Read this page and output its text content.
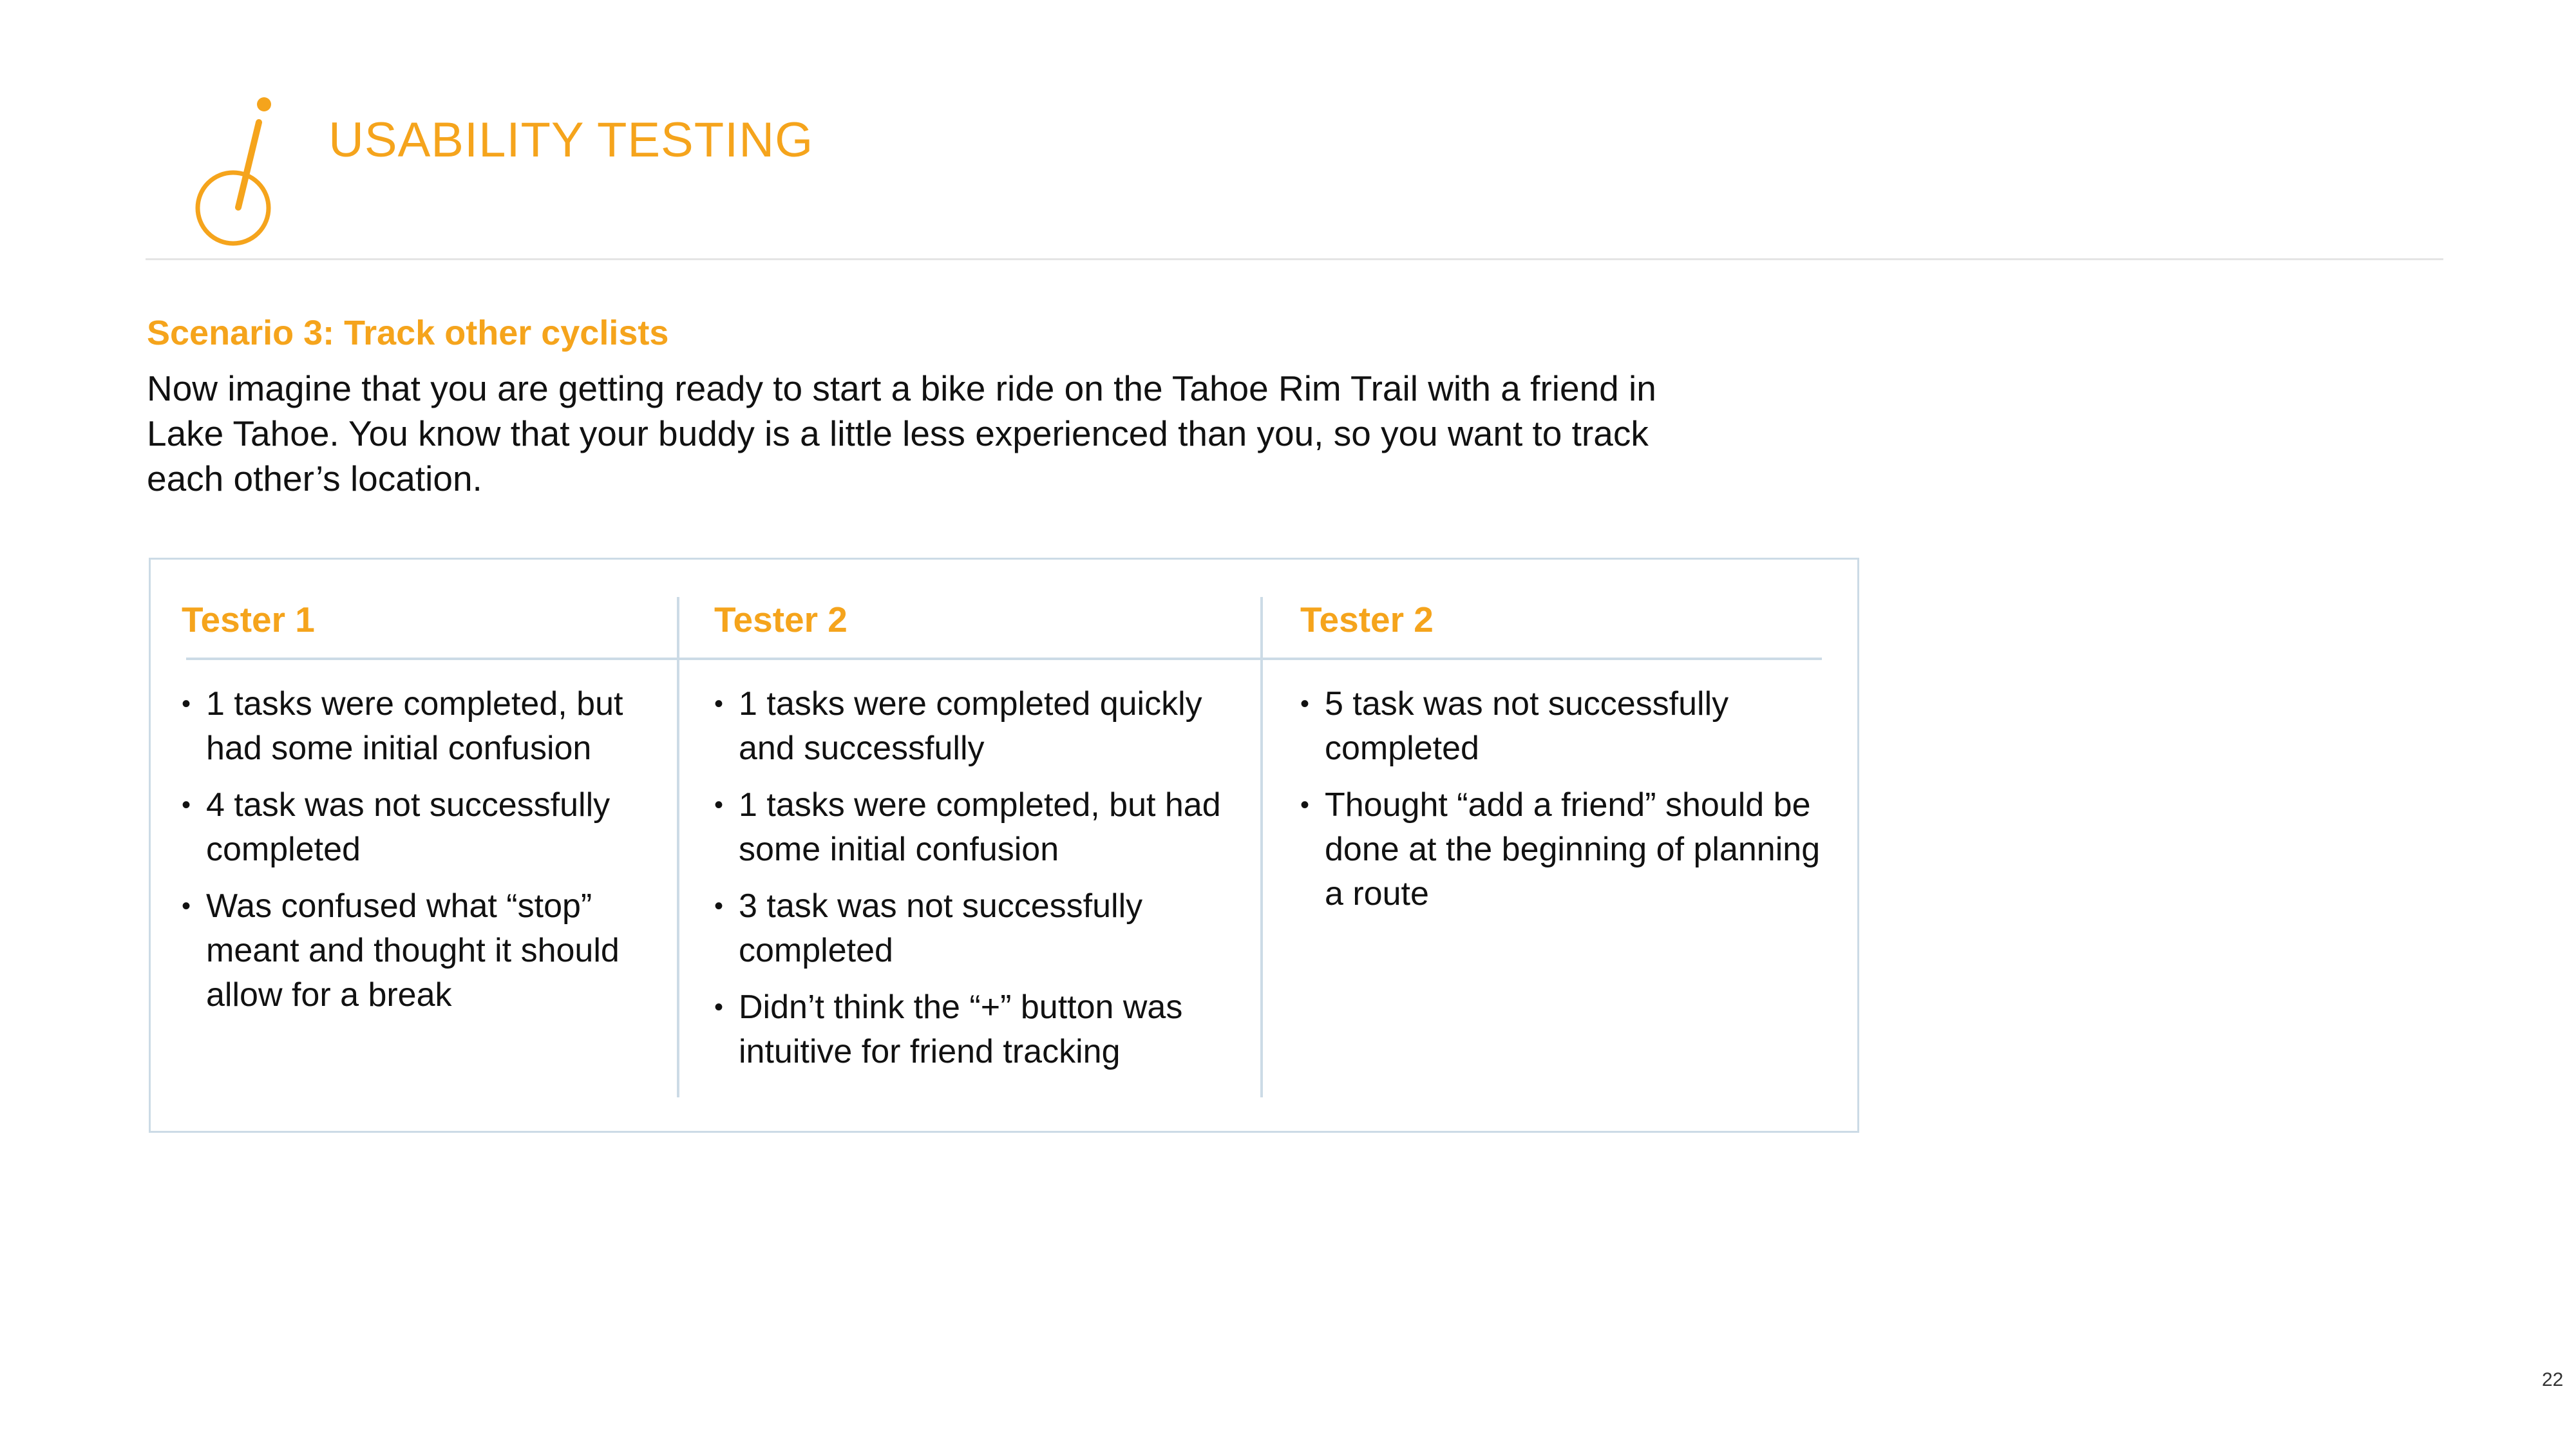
USABILITY TESTING
Scenario 3: Track other cyclists
Now imagine that you are getting ready to start a bike ride on the Tahoe Rim Trail with a friend in Lake Tahoe. You know that your buddy is a little less experienced than you, so you want to track each other’s location.
Tester 1
• 1 tasks were completed, but had some initial confusion
• 4 task was not successfully completed
• Was confused what “stop” meant and thought it should allow for a break
Tester 2
• 1 tasks were completed quickly and successfully
• 1 tasks were completed, but had some initial confusion
• 3 task was not successfully completed
• Didn’t think the “+” button was intuitive for friend tracking
Tester 2
• 5 task was not successfully completed
• Thought “add a friend” should be done at the beginning of planning a route
22
